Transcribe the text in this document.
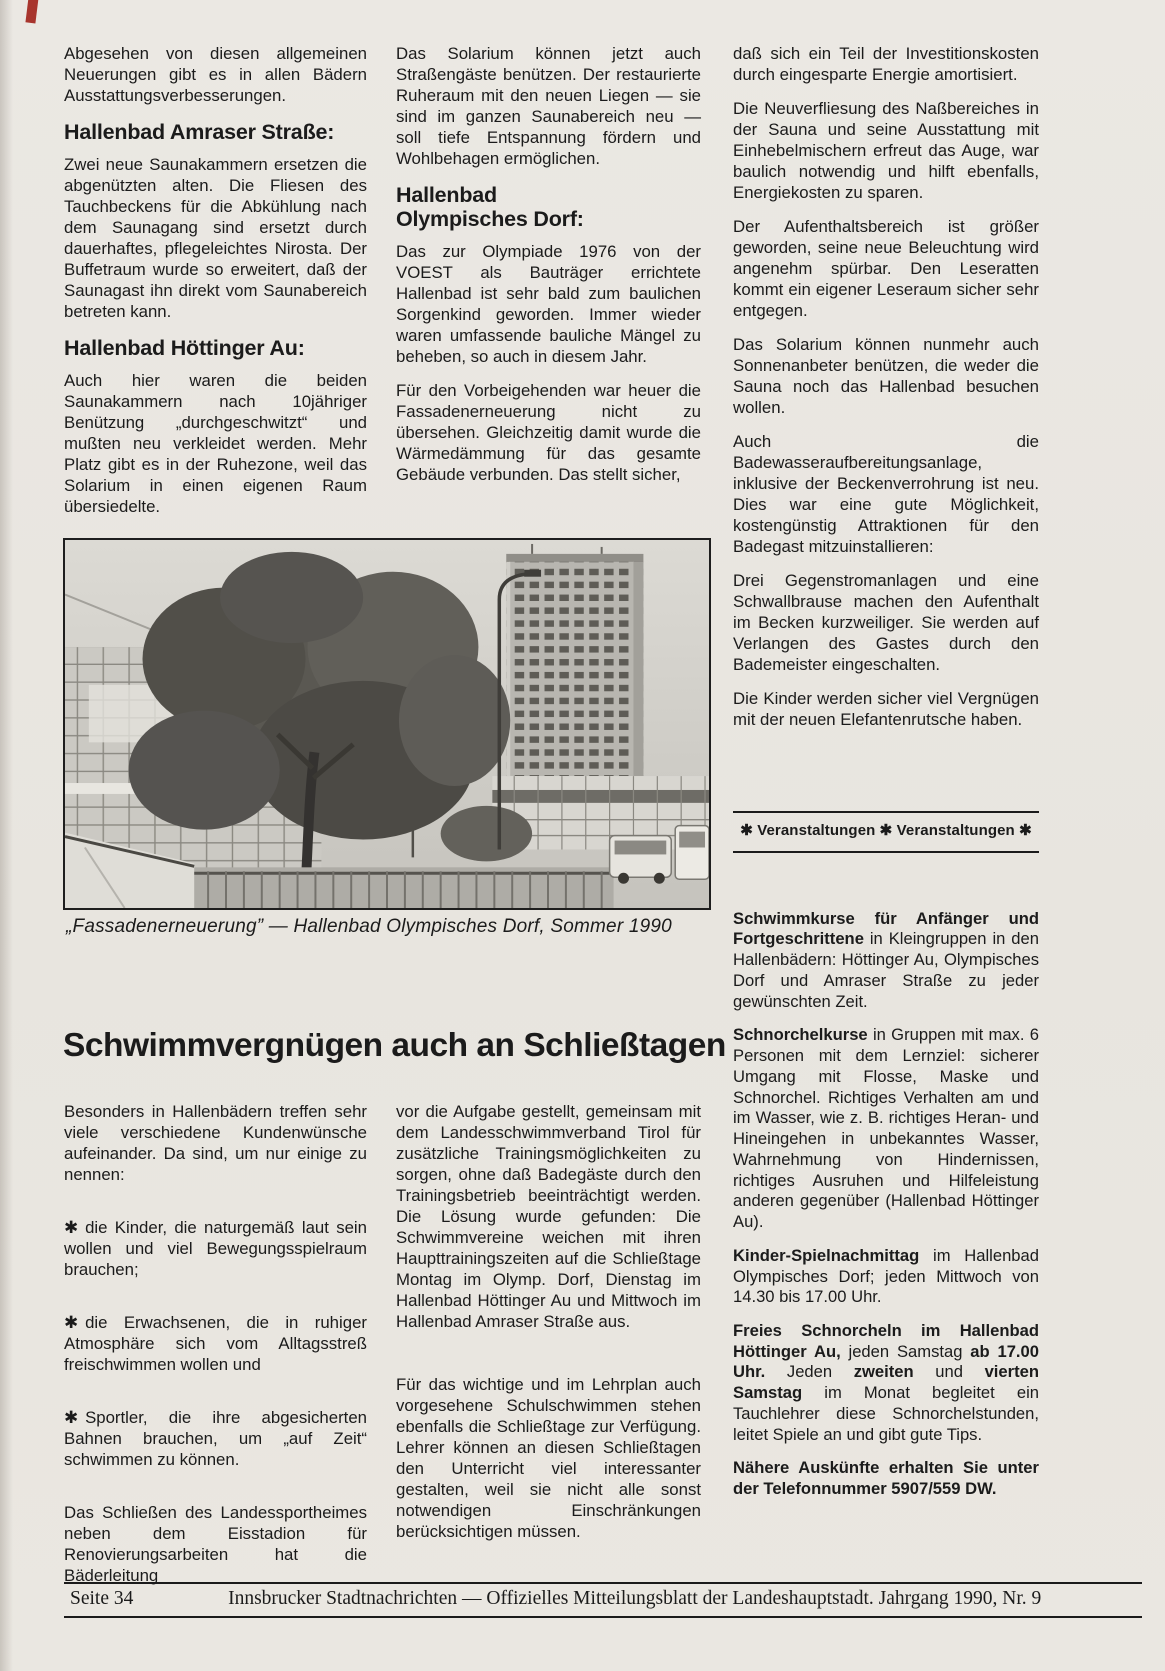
Abgesehen von diesen allgemeinen Neuerungen gibt es in allen Bädern Ausstattungsverbesserungen.

Hallenbad Amraser Straße:

Zwei neue Saunakammern ersetzen die abgenützten alten. Die Fliesen des Tauchbeckens für die Abkühlung nach dem Saunagang sind ersetzt durch dauerhaftes, pflegeleichtes Nirosta. Der Buffetraum wurde so erweitert, daß der Saunagast ihn direkt vom Saunabereich betreten kann.

Hallenbad Höttinger Au:

Auch hier waren die beiden Saunakammern nach 10jähriger Benützung „durchgeschwitzt“ und mußten neu verkleidet werden. Mehr Platz gibt es in der Ruhezone, weil das Solarium in einen eigenen Raum übersiedelte.

Das Solarium können jetzt auch Straßengäste benützen. Der restaurierte Ruheraum mit den neuen Liegen — sie sind im ganzen Saunabereich neu — soll tiefe Entspannung fördern und Wohlbehagen ermöglichen.

Hallenbad
Olympisches Dorf:

Das zur Olympiade 1976 von der VOEST als Bauträger errichtete Hallenbad ist sehr bald zum baulichen Sorgenkind geworden. Immer wieder waren umfassende bauliche Mängel zu beheben, so auch in diesem Jahr.

Für den Vorbeigehenden war heuer die Fassadenerneuerung nicht zu übersehen. Gleichzeitig damit wurde die Wärmedämmung für das gesamte Gebäude verbunden. Das stellt sicher,

daß sich ein Teil der Investitionskosten durch eingesparte Energie amortisiert.

Die Neuverfliesung des Naßbereiches in der Sauna und seine Ausstattung mit Einhebelmischern erfreut das Auge, war baulich notwendig und hilft ebenfalls, Energiekosten zu sparen.

Der Aufenthaltsbereich ist größer geworden, seine neue Beleuchtung wird angenehm spürbar. Den Leseratten kommt ein eigener Leseraum sicher sehr entgegen.

Das Solarium können nunmehr auch Sonnenanbeter benützen, die weder die Sauna noch das Hallenbad besuchen wollen.

Auch die Badewasseraufbereitungsanlage, inklusive der Beckenverrohrung ist neu. Dies war eine gute Möglichkeit, kostengünstig Attraktionen für den Badegast mitzuinstallieren:

Drei Gegenstromanlagen und eine Schwallbrause machen den Aufenthalt im Becken kurzweiliger. Sie werden auf Verlangen des Gastes durch den Bademeister eingeschalten.

Die Kinder werden sicher viel Vergnügen mit der neuen Elefantenrutsche haben.

✱ Veranstaltungen ✱ Veranstaltungen ✱

Schwimmkurse für Anfänger und Fortgeschrittene in Kleingruppen in den Hallenbädern: Höttinger Au, Olympisches Dorf und Amraser Straße zu jeder gewünschten Zeit.

Schnorchelkurse in Gruppen mit max. 6 Personen mit dem Lernziel: sicherer Umgang mit Flosse, Maske und Schnorchel. Richtiges Verhalten am und im Wasser, wie z. B. richtiges Heran- und Hineingehen in unbekanntes Wasser, Wahrnehmung von Hindernissen, richtiges Ausruhen und Hilfeleistung anderen gegenüber (Hallenbad Höttinger Au).

Kinder-Spielnachmittag im Hallenbad Olympisches Dorf; jeden Mittwoch von 14.30 bis 17.00 Uhr.

Freies Schnorcheln im Hallenbad Höttinger Au, jeden Samstag ab 17.00 Uhr. Jeden zweiten und vierten Samstag im Monat begleitet ein Tauchlehrer diese Schnorchelstunden, leitet Spiele an und gibt gute Tips.

Nähere Auskünfte erhalten Sie unter der Telefonnummer 5907/559 DW.

„Fassadenerneuerung” — Hallenbad Olympisches Dorf, Sommer 1990
Schwimmvergnügen auch an Schließtagen

Besonders in Hallenbädern treffen sehr viele verschiedene Kundenwünsche aufeinander. Da sind, um nur einige zu nennen:

✱ die Kinder, die naturgemäß laut sein wollen und viel Bewegungsspielraum brauchen;

✱ die Erwachsenen, die in ruhiger Atmosphäre sich vom Alltagsstreß freischwimmen wollen und

✱ Sportler, die ihre abgesicherten Bahnen brauchen, um „auf Zeit“ schwimmen zu können.

Das Schließen des Landessportheimes neben dem Eisstadion für Renovierungsarbeiten hat die Bäderleitung

vor die Aufgabe gestellt, gemeinsam mit dem Landesschwimmverband Tirol für zusätzliche Trainingsmöglichkeiten zu sorgen, ohne daß Badegäste durch den Trainingsbetrieb beeinträchtigt werden. Die Lösung wurde gefunden: Die Schwimmvereine weichen mit ihren Haupttrainingszeiten auf die Schließtage Montag im Olymp. Dorf, Dienstag im Hallenbad Höttinger Au und Mittwoch im Hallenbad Amraser Straße aus.

Für das wichtige und im Lehrplan auch vorgesehene Schulschwimmen stehen ebenfalls die Schließtage zur Verfügung. Lehrer können an diesen Schließtagen den Unterricht viel interessanter gestalten, weil sie nicht alle sonst notwendigen Einschränkungen berücksichtigen müssen.

Seite 34	Innsbrucker Stadtnachrichten — Offizielles Mitteilungsblatt der Landeshauptstadt. Jahrgang 1990, Nr. 9
